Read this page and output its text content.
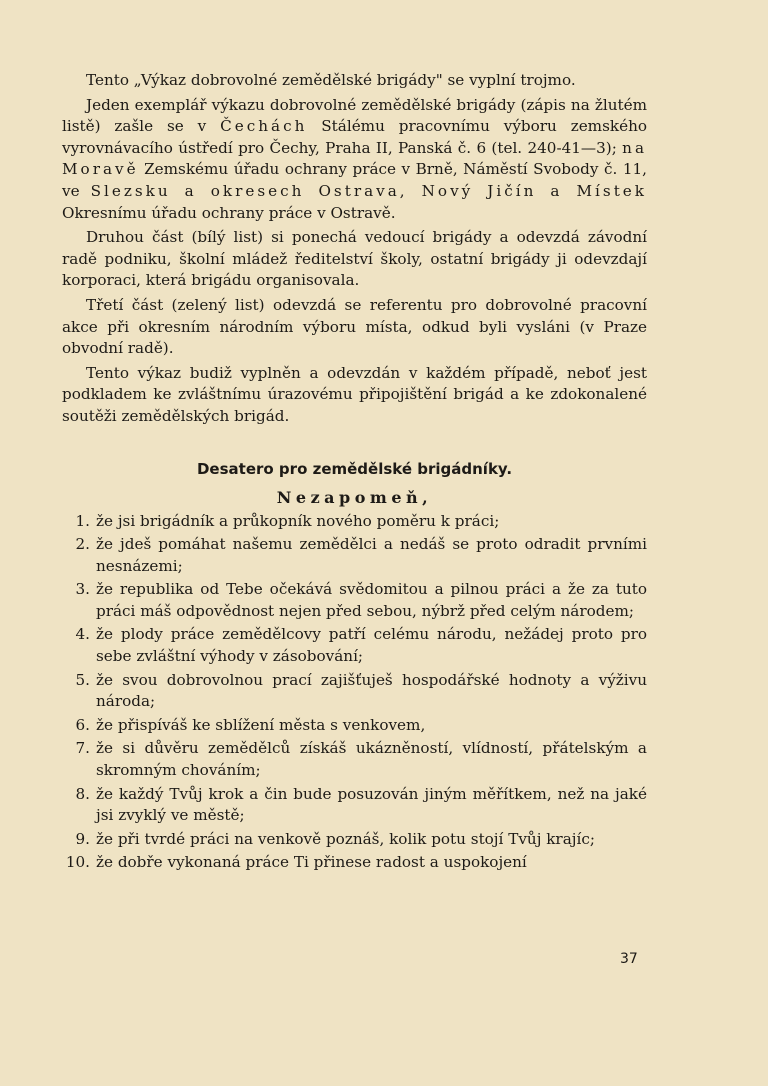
Tento „Výkaz dobrovolné zemědělské brigády" se vyplní trojmo.

Jeden exemplář výkazu dobrovolné zemědělské brigády (zápis na žlutém listě) zašle se v Čechách Stálému pracovnímu výboru zemského vyrovnávacího ústředí pro Čechy, Praha II, Panská č. 6 (tel. 240-41—3); na Moravě Zemskému úřadu ochrany práce v Brně, Náměstí Svobody č. 11, ve Slezsku a okresech Ostrava, Nový Jičín a Místek Okresnímu úřadu ochrany práce v Ostravě.

Druhou část (bílý list) si ponechá vedoucí brigády a odevzdá závodní radě podniku, školní mládež ředitelství školy, ostatní brigády ji odevzdají korporaci, která brigádu organisovala.

Třetí část (zelený list) odevzdá se referentu pro dobrovolné pracovní akce při okresním národním výboru místa, odkud byli vysláni (v Praze obvodní radě).

Tento výkaz budiž vyplněn a odevzdán v každém případě, neboť jest podkladem ke zvláštnímu úrazovému připojištění brigád a ke zdokonalené soutěži zemědělských brigád.

Desatero pro zemědělské brigádníky.
Nezapomeň,
1. že jsi brigádník a průkopník nového poměru k práci;
2. že jdeš pomáhat našemu zemědělci a nedáš se proto odradit prvními nesnázemi;
3. že republika od Tebe očekává svědomitou a pilnou práci a že za tuto práci máš odpovědnost nejen před sebou, nýbrž před celým národem;
4. že plody práce zemědělcovy patří celému národu, nežádej proto pro sebe zvláštní výhody v zásobování;
5. že svou dobrovolnou prací zajišťuješ hospodářské hodnoty a výživu národa;
6. že přispíváš ke sblížení města s venkovem,
7. že si důvěru zemědělců získáš ukázněností, vlídností, přátelským a skromným chováním;
8. že každý Tvůj krok a čin bude posuzován jiným měřítkem, než na jaké jsi zvyklý ve městě;
9. že při tvrdé práci na venkově poznáš, kolik potu stojí Tvůj krajíc;
10. že dobře vykonaná práce Ti přinese radost a uspokojení
37
